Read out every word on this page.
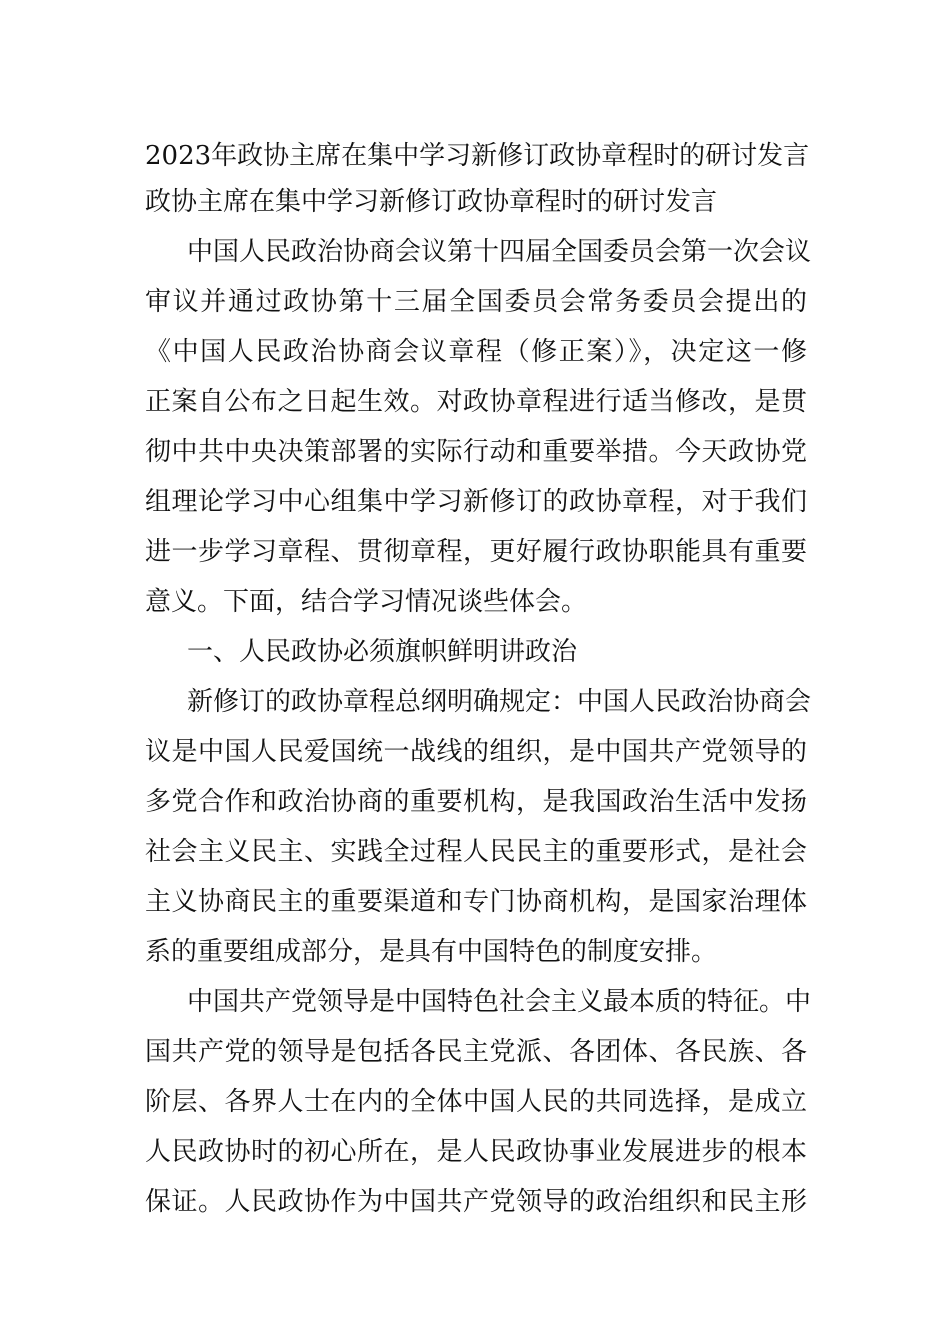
2023年政协主席在集中学习新修订政协章程时的研讨发言
政协主席在集中学习新修订政协章程时的研讨发言
中国人民政治协商会议第十四届全国委员会第一次会议
审议并通过政协第十三届全国委员会常务委员会提出的
《中国人民政治协商会议章程（修正案）》，决定这一修
正案自公布之日起生效。对政协章程进行适当修改，是贯
彻中共中央决策部署的实际行动和重要举措。今天政协党
组理论学习中心组集中学习新修订的政协章程，对于我们
进一步学习章程、贯彻章程，更好履行政协职能具有重要
意义。下面，结合学习情况谈些体会。
一、人民政协必须旗帜鲜明讲政治
新修订的政协章程总纲明确规定：中国人民政治协商会
议是中国人民爱国统一战线的组织，是中国共产党领导的
多党合作和政治协商的重要机构，是我国政治生活中发扬
社会主义民主、实践全过程人民民主的重要形式，是社会
主义协商民主的重要渠道和专门协商机构，是国家治理体
系的重要组成部分，是具有中国特色的制度安排。
中国共产党领导是中国特色社会主义最本质的特征。中
国共产党的领导是包括各民主党派、各团体、各民族、各
阶层、各界人士在内的全体中国人民的共同选择，是成立
人民政协时的初心所在，是人民政协事业发展进步的根本
保证。人民政协作为中国共产党领导的政治组织和民主形
